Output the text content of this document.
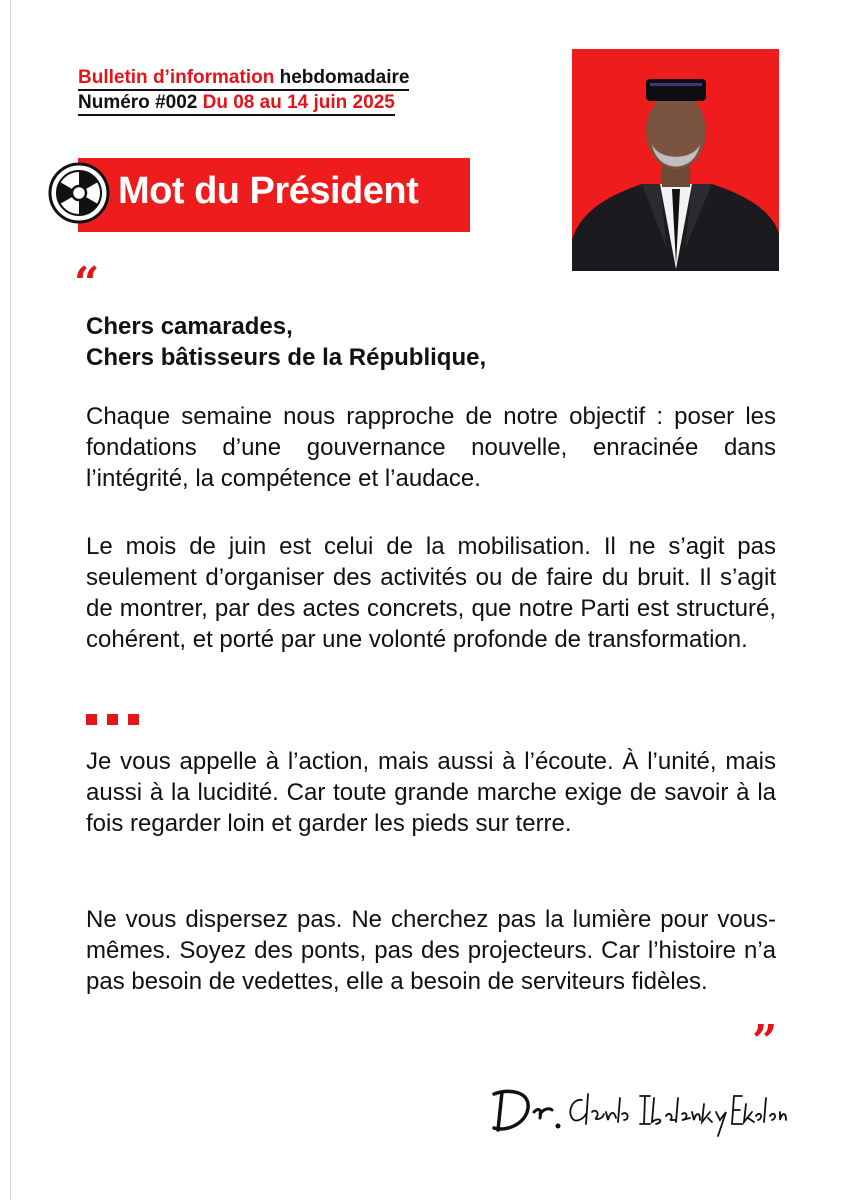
Bulletin d’information hebdomadaire
Numéro #002 Du 08 au 14 juin 2025
Mot du Président
“
Chers camarades,
Chers bâtisseurs de la République,
Chaque semaine nous rapproche de notre objectif : poser les fondations d’une gouvernance nouvelle, enracinée dans l’intégrité, la compétence et l’audace.
Le mois de juin est celui de la mobilisation. Il ne s’agit pas seulement d’organiser des activités ou de faire du bruit. Il s’agit de montrer, par des actes concrets, que notre Parti est structuré, cohérent, et porté par une volonté profonde de transformation.
Je vous appelle à l’action, mais aussi à l’écoute. À l’unité, mais aussi à la lucidité. Car toute grande marche exige de savoir à la fois regarder loin et garder les pieds sur terre.
Ne vous dispersez pas. Ne cherchez pas la lumière pour vous-mêmes. Soyez des ponts, pas des projecteurs. Car l’histoire n’a pas besoin de vedettes, elle a besoin de serviteurs fidèles.
”
